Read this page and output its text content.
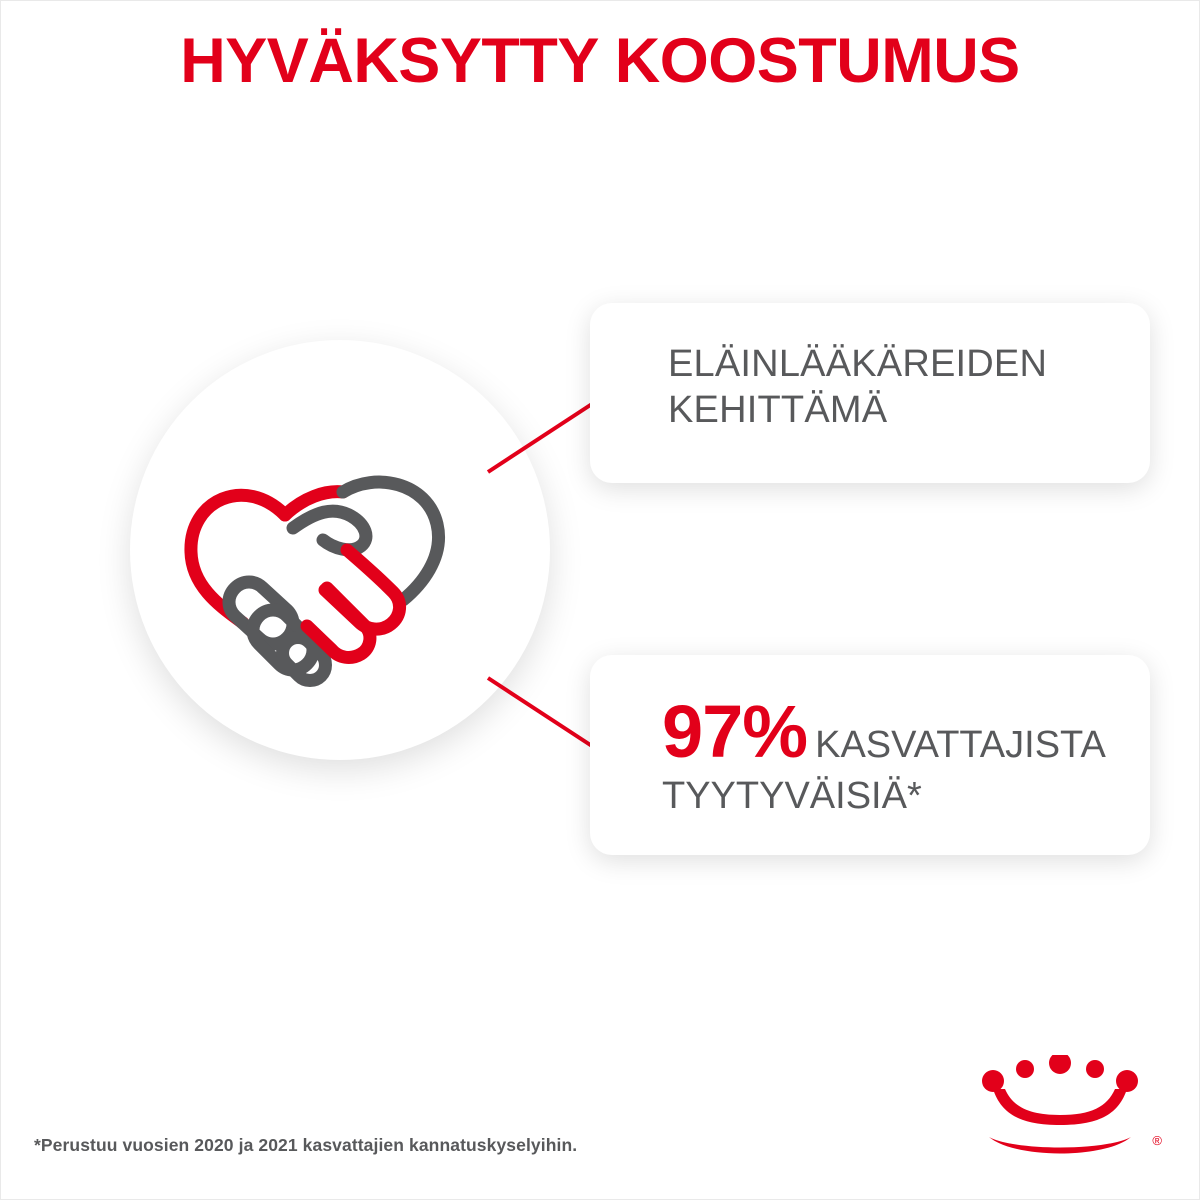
HYVÄKSYTTY KOOSTUMUS
ELÄINLÄÄKÄREIDEN
KEHITTÄMÄ
97% KASVATTAJISTA
TYYTYVÄISIÄ*
*Perustuu vuosien 2020 ja 2021 kasvattajien kannatuskyselyihin.	®
